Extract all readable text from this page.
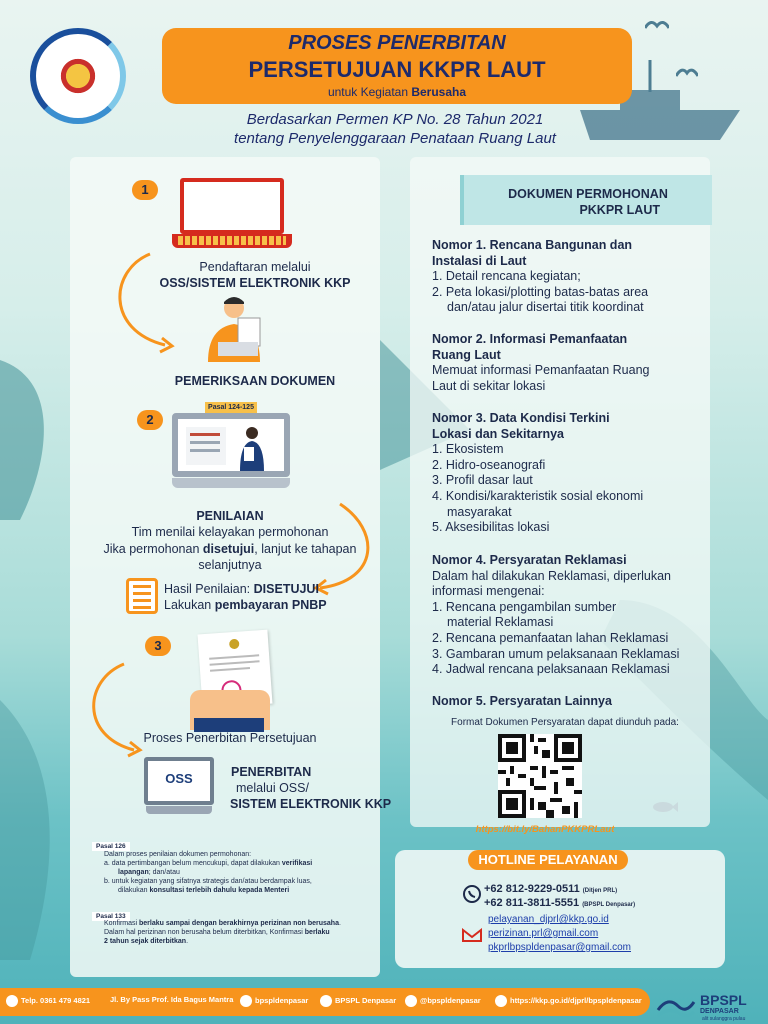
PROSES PENERBITAN
PERSETUJUAN KKPR LAUT
untuk Kegiatan Berusaha
Berdasarkan Permen KP No. 28 Tahun 2021
tentang Penyelenggaraan Penataan Ruang Laut
1
Pendaftaran melalui
OSS/SISTEM ELEKTRONIK KKP
PEMERIKSAAN DOKUMEN
2
Pasal 124-125
PENILAIAN
Tim menilai kelayakan permohonan
Jika permohonan disetujui, lanjut ke tahapan
selanjutnya
Hasil Penilaian: DISETUJUI
Lakukan pembayaran PNBP
3
Proses Penerbitan Persetujuan
OSS	PENERBITAN
melalui OSS/
SISTEM ELEKTRONIK KKP
Pasal 126
Dalam proses penilaian dokumen permohonan:
a. data pertimbangan belum mencukupi, dapat dilakukan verifikasi
lapangan; dan/atau
b. untuk kegiatan yang sifatnya strategis dan/atau berdampak luas,
dilakukan konsultasi terlebih dahulu kepada Menteri
Pasal 133
Konfirmasi berlaku sampai dengan berakhirnya perizinan non berusaha.
Dalam hal perizinan non berusaha belum diterbitkan, Konfirmasi berlaku
2 tahun sejak diterbitkan.
DOKUMEN PERMOHONAN
PKKPR LAUT
Nomor 1. Rencana Bangunan dan
Instalasi di Laut
1. Detail rencana kegiatan;
2. Peta lokasi/plotting batas-batas area
dan/atau jalur disertai titik koordinat
Nomor 2. Informasi Pemanfaatan
Ruang Laut
Memuat informasi Pemanfaatan Ruang
Laut di sekitar lokasi
Nomor 3. Data Kondisi Terkini
Lokasi dan Sekitarnya
1. Ekosistem
2. Hidro-oseanografi
3. Profil dasar laut
4. Kondisi/karakteristik sosial ekonomi
masyarakat
5. Aksesibilitas lokasi
Nomor 4. Persyaratan Reklamasi
Dalam hal dilakukan Reklamasi, diperlukan
informasi mengenai:
1. Rencana pengambilan sumber
material Reklamasi
2. Rencana pemanfaatan lahan Reklamasi
3. Gambaran umum pelaksanaan Reklamasi
4. Jadwal rencana pelaksanaan Reklamasi
Nomor 5. Persyaratan Lainnya
Format Dokumen Persyaratan dapat diunduh pada:
https://bit.ly/BahanPKKPRLaut
HOTLINE PELAYANAN
+62 812-9229-0511 (Ditjen PRL)
+62 811-3811-5551 (BPSPL Denpasar)
pelayanan_djprl@kkp.go.id
perizinan.prl@gmail.com
pkprlbpspldenpasar@gmail.com
Telp. 0361 479 4821	Jl. By Pass Prof. Ida Bagus Mantra	bpspldenpasar	BPSPL Denpasar	@bpspldenpasar	https://kkp.go.id/djprl/bpspldenpasar	BPSPL
DENPASAR
alit sulanggra pulau
